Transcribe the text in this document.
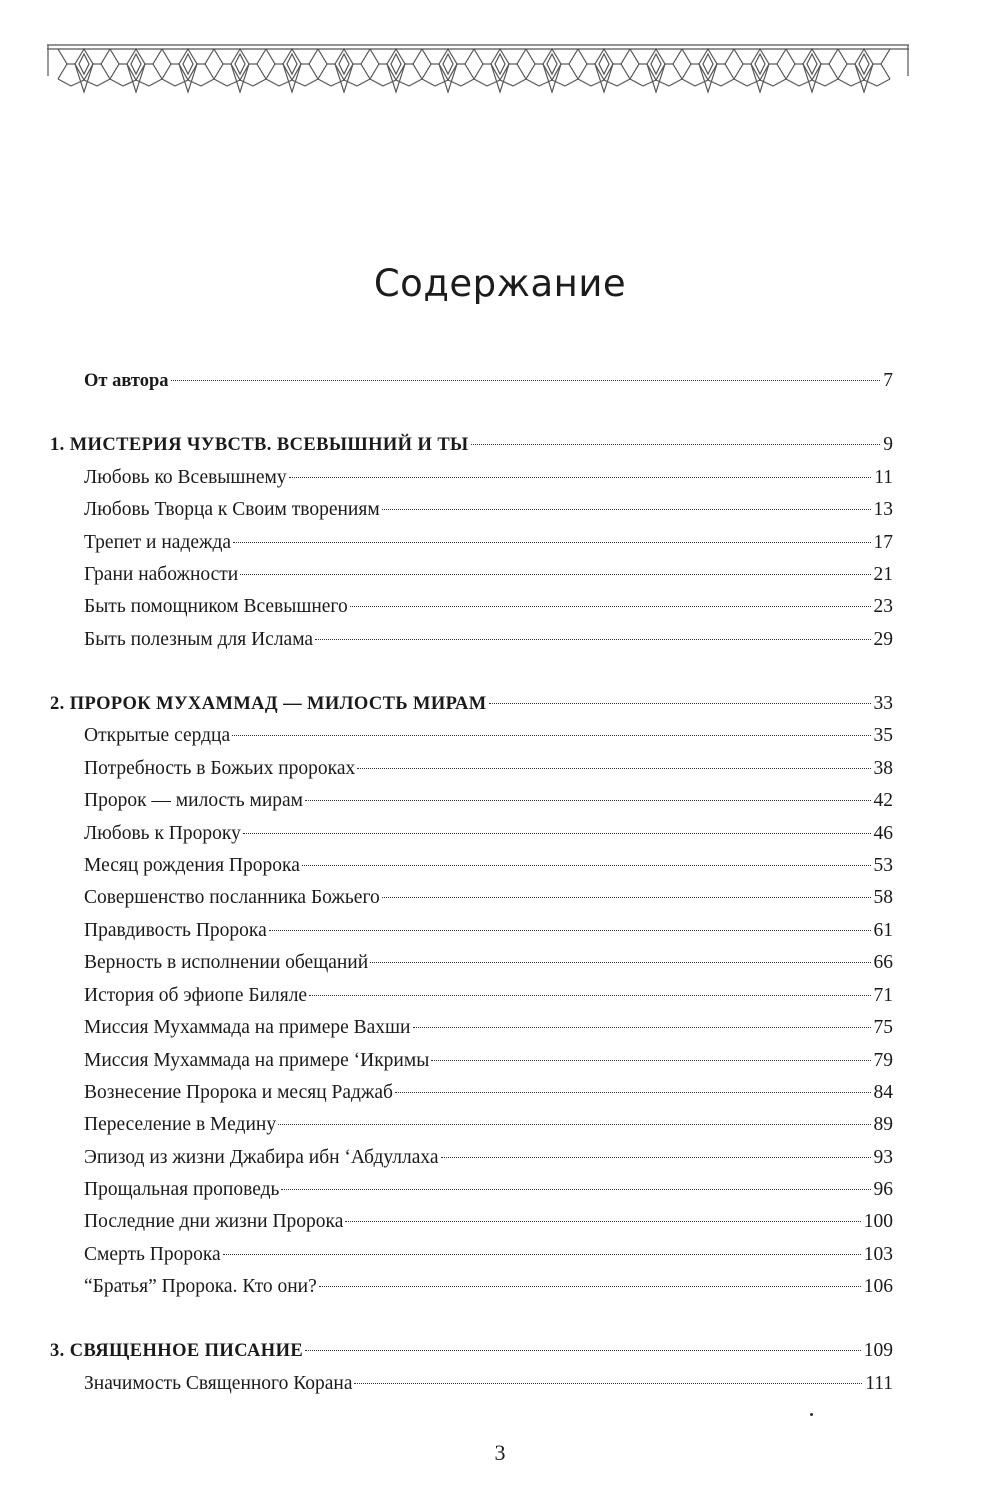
Содержание
От автора	7
1. МИСТЕРИЯ ЧУВСТВ. ВСЕВЫШНИЙ И ТЫ	9
Любовь ко Всевышнему	11
Любовь Творца к Своим творениям	13
Трепет и надежда	17
Грани набожности	21
Быть помощником Всевышнего	23
Быть полезным для Ислама	29
2. ПРОРОК МУХАММАД — МИЛОСТЬ МИРАМ	33
Открытые сердца	35
Потребность в Божьих пророках	38
Пророк — милость мирам	42
Любовь к Пророку	46
Месяц рождения Пророка	53
Совершенство посланника Божьего	58
Правдивость Пророка	61
Верность в исполнении обещаний	66
История об эфиопе Биляле	71
Миссия Мухаммада на примере Вахши	75
Миссия Мухаммада на примере ‘Икримы	79
Вознесение Пророка и месяц Раджаб	84
Переселение в Медину	89
Эпизод из жизни Джабира ибн ‘Абдуллаха	93
Прощальная проповедь	96
Последние дни жизни Пророка	100
Смерть Пророка	103
“Братья” Пророка. Кто они?	106
3. СВЯЩЕННОЕ ПИСАНИЕ	109
Значимость Священного Корана	111
3
